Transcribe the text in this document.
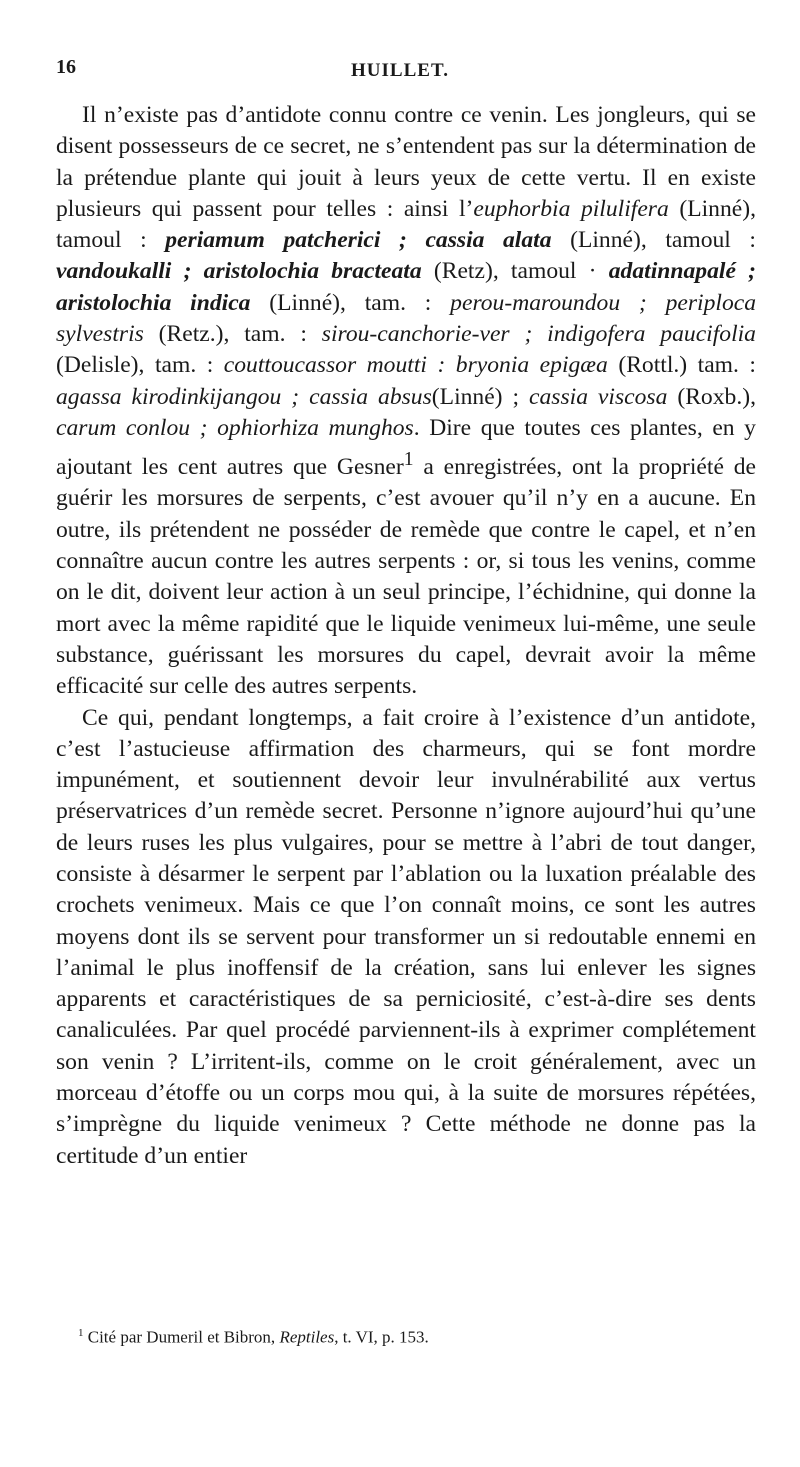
16	HUILLET.

Il n’existe pas d’antidote connu contre ce venin. Les jongleurs, qui se disent possesseurs de ce secret, ne s’entendent pas sur la détermination de la prétendue plante qui jouit à leurs yeux de cette vertu. Il en existe plusieurs qui passent pour telles : ainsi l’euphorbia pilulifera (Linné), tamoul : periamum patcherici ; cassia alata (Linné), tamoul : vandoukalli ; aristolochia bracteata (Retz), tamoul · adatinnapalé ; aristolochia indica (Linné), tam. : perou-maroundou ; periploca sylvestris (Retz.), tam. : sirou-canchorie-ver ; indigofera paucifolia (Delisle), tam. : couttoucassor moutti : bryonia epigæa (Rottl.) tam. : agassa kirodinkijangou ; cassia absus(Linné) ; cassia viscosa (Roxb.), carum conlou ; ophiorhiza munghos. Dire que toutes ces plantes, en y ajoutant les cent autres que Gesner$^1$ a enregistrées, ont la propriété de guérir les morsures de serpents, c’est avouer qu’il n’y en a aucune. En outre, ils prétendent ne posséder de remède que contre le capel, et n’en connaître aucun contre les autres serpents : or, si tous les venins, comme on le dit, doivent leur action à un seul principe, l’échidnine, qui donne la mort avec la même rapidité que le liquide venimeux lui-même, une seule substance, guérissant les morsures du capel, devrait avoir la même efficacité sur celle des autres serpents.

Ce qui, pendant longtemps, a fait croire à l’existence d’un antidote, c’est l’astucieuse affirmation des charmeurs, qui se font mordre impunément, et soutiennent devoir leur invulnérabilité aux vertus préservatrices d’un remède secret. Personne n’ignore aujourd’hui qu’une de leurs ruses les plus vulgaires, pour se mettre à l’abri de tout danger, consiste à désarmer le serpent par l’ablation ou la luxation préalable des crochets venimeux. Mais ce que l’on connaît moins, ce sont les autres moyens dont ils se servent pour transformer un si redoutable ennemi en l’animal le plus inoffensif de la création, sans lui enlever les signes apparents et caractéristiques de sa perniciosité, c’est-à-dire ses dents canaliculées. Par quel procédé parviennent-ils à exprimer complétement son venin ? L’irritent-ils, comme on le croit généralement, avec un morceau d’étoffe ou un corps mou qui, à la suite de morsures répétées, s’imprègne du liquide venimeux ? Cette méthode ne donne pas la certitude d’un entier

$^1$ Cité par Dumeril et Bibron, Reptiles, t. VI, p. 153.
